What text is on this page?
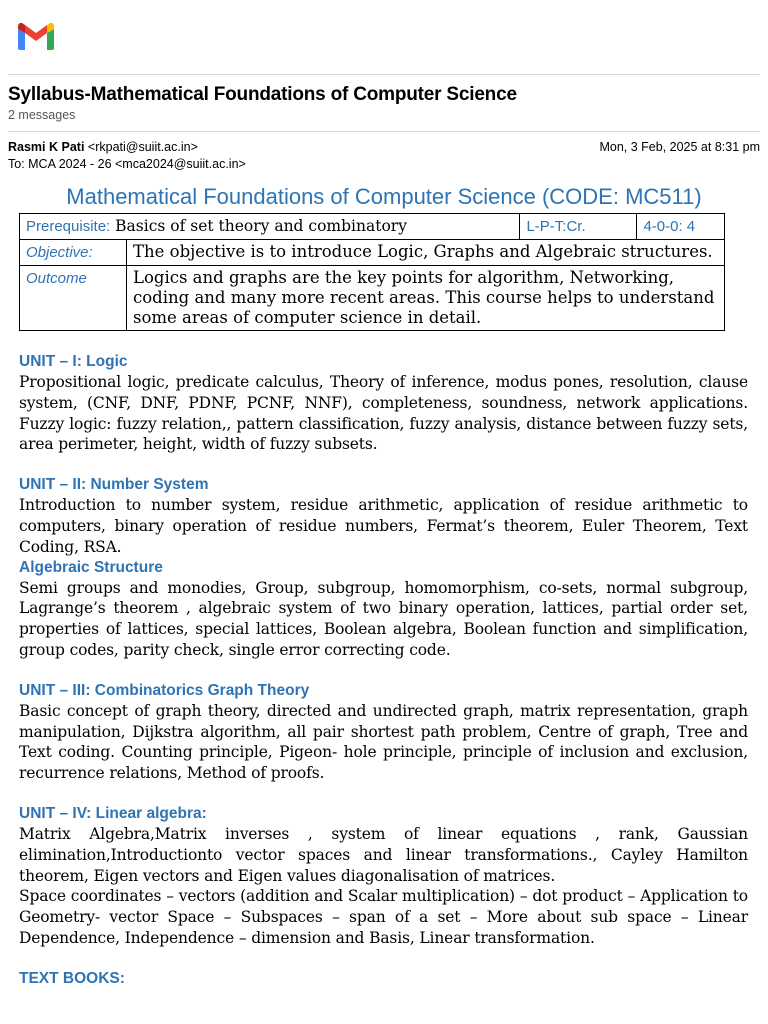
Syllabus-Mathematical Foundations of Computer Science
2 messages
Rasmi K Pati <rkpati@suiit.ac.in>
To: MCA 2024 - 26 <mca2024@suiit.ac.in>
Mon, 3 Feb, 2025 at 8:31 pm
Mathematical Foundations of Computer Science (CODE: MC511)
Prerequisite: Basics of set theory and combinatory		L-P-T:Cr.	4-0-0: 4
Objective:	The objective is to introduce Logic, Graphs and Algebraic structures.		
Outcome	Logics and graphs are the key points for algorithm, Networking, coding and many more recent areas. This course helps to understand some areas of computer science in detail.		

UNIT – I: Logic

Propositional logic, predicate calculus, Theory of inference, modus pones, resolution, clause system, (CNF, DNF, PDNF, PCNF, NNF), completeness, soundness, network applications. Fuzzy logic: fuzzy relation,, pattern classification, fuzzy analysis, distance between fuzzy sets, area perimeter, height, width of fuzzy subsets.

UNIT – II: Number System

Introduction to number system, residue arithmetic, application of residue arithmetic to computers, binary operation of residue numbers, Fermat’s theorem, Euler Theorem, Text Coding, RSA.

Algebraic Structure

Semi groups and monodies, Group, subgroup, homomorphism, co-sets, normal subgroup, Lagrange’s theorem , algebraic system of two binary operation, lattices, partial order set, properties of lattices, special lattices, Boolean algebra, Boolean function and simplification, group codes, parity check, single error correcting code.

UNIT – III: Combinatorics Graph Theory

Basic concept of graph theory, directed and undirected graph, matrix representation, graph manipulation, Dijkstra algorithm, all pair shortest path problem, Centre of graph, Tree and Text coding. Counting principle, Pigeon- hole principle, principle of inclusion and exclusion, recurrence relations, Method of proofs.

UNIT – IV: Linear algebra:

Matrix Algebra,Matrix inverses , system of linear equations , rank, Gaussian elimination,Introductionto vector spaces and linear transformations., Cayley Hamilton theorem, Eigen vectors and Eigen values diagonalisation of matrices.

Space coordinates – vectors (addition and Scalar multiplication) – dot product – Application to Geometry- vector Space – Subspaces – span of a set – More about sub space – Linear Dependence, Independence – dimension and Basis, Linear transformation.

TEXT BOOKS:
